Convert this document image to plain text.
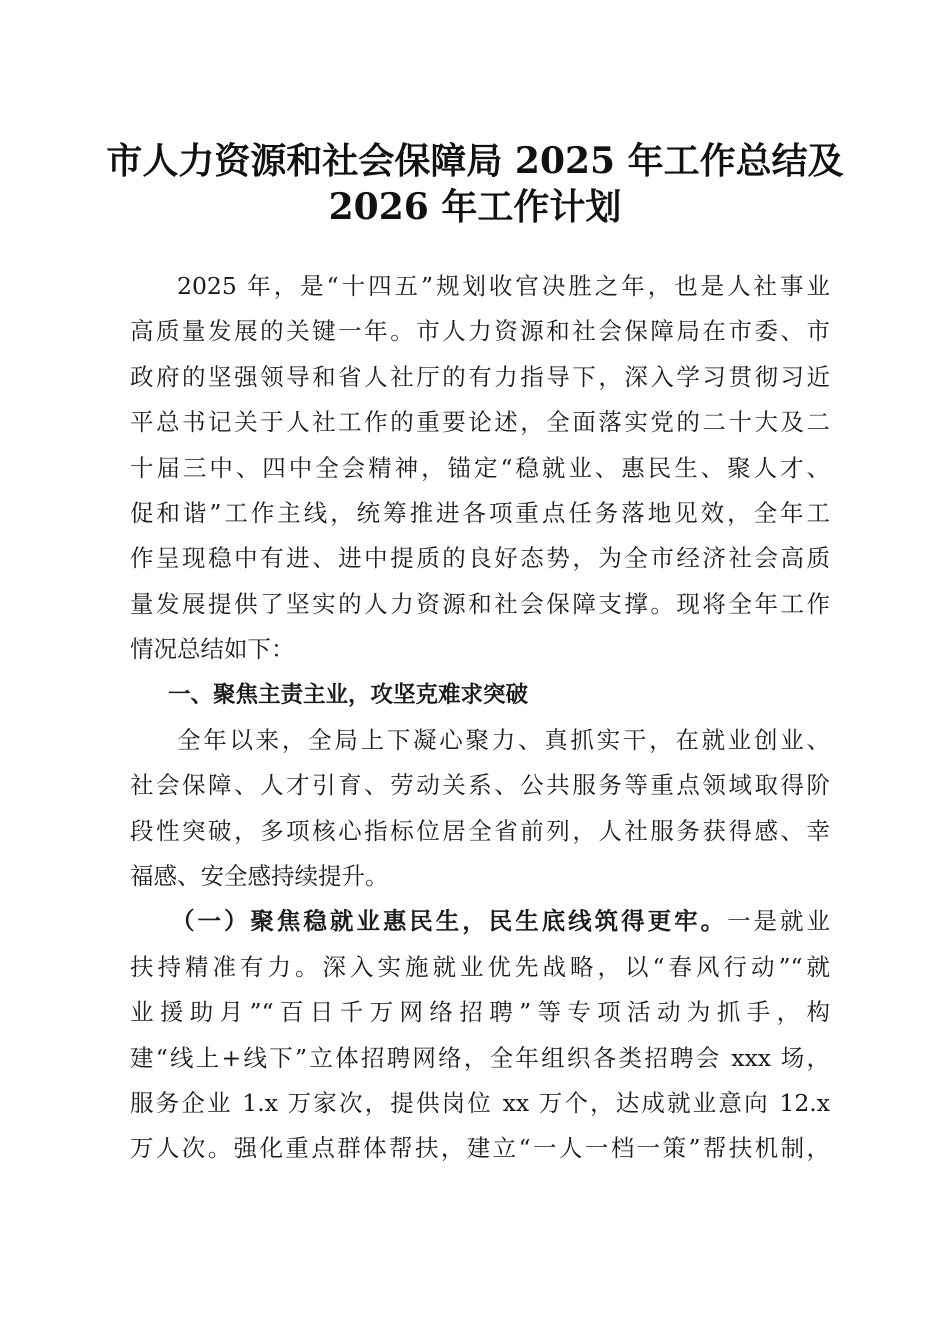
市人力资源和社会保障局 2025 年工作总结及
2026 年工作计划
2025 年，是“十四五”规划收官决胜之年，也是人社事业
高质量发展的关键一年。市人力资源和社会保障局在市委、市
政府的坚强领导和省人社厅的有力指导下，深入学习贯彻习近
平总书记关于人社工作的重要论述，全面落实党的二十大及二
十届三中、四中全会精神，锚定“稳就业、惠民生、聚人才、
促和谐”工作主线，统筹推进各项重点任务落地见效，全年工
作呈现稳中有进、进中提质的良好态势，为全市经济社会高质
量发展提供了坚实的人力资源和社会保障支撑。现将全年工作
情况总结如下：
一、聚焦主责主业，攻坚克难求突破
全年以来，全局上下凝心聚力、真抓实干，在就业创业、
社会保障、人才引育、劳动关系、公共服务等重点领域取得阶
段性突破，多项核心指标位居全省前列，人社服务获得感、幸
福感、安全感持续提升。
（一）聚焦稳就业惠民生，民生底线筑得更牢。一是就业
扶持精准有力。深入实施就业优先战略，以“春风行动”“就
业援助月”“百日千万网络招聘”等专项活动为抓手，构
建“线上+线下”立体招聘网络，全年组织各类招聘会 xxx 场，
服务企业 1.x 万家次，提供岗位 xx 万个，达成就业意向 12.x
万人次。强化重点群体帮扶，建立“一人一档一策”帮扶机制，
